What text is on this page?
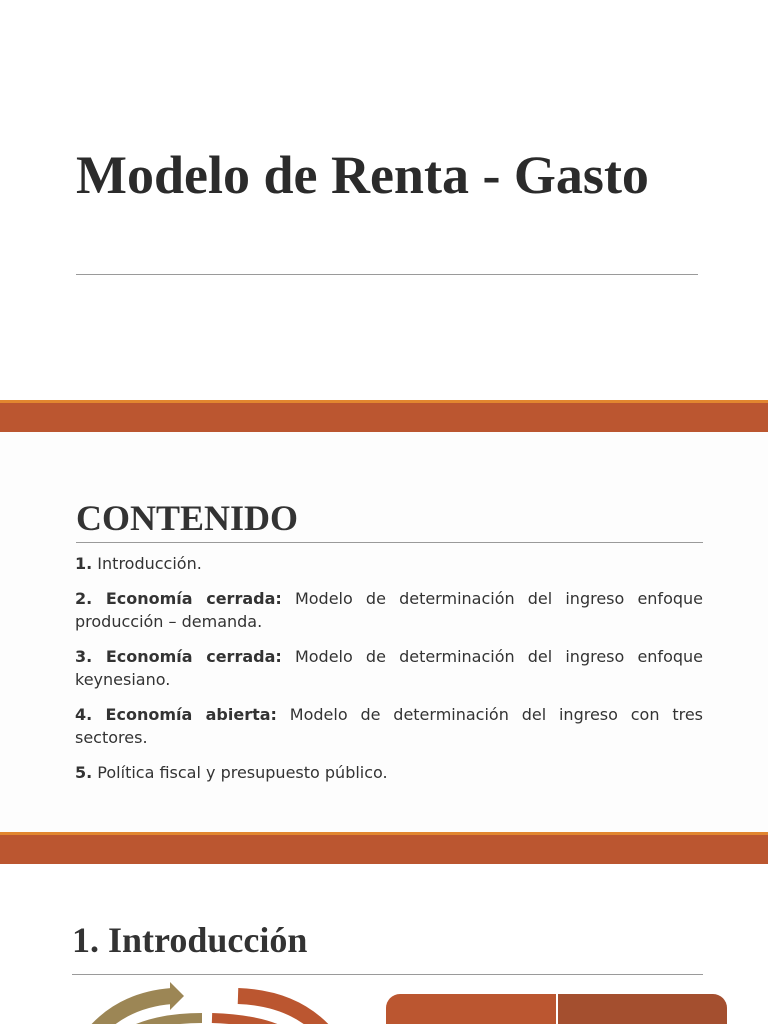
Modelo de Renta - Gasto
CONTENIDO
1. Introducción.
2. Economía cerrada: Modelo de determinación del ingreso enfoque producción – demanda.
3. Economía cerrada: Modelo de determinación del ingreso enfoque keynesiano.
4. Economía abierta: Modelo de determinación del ingreso con tres sectores.
5. Política fiscal y presupuesto público.
1. Introducción
